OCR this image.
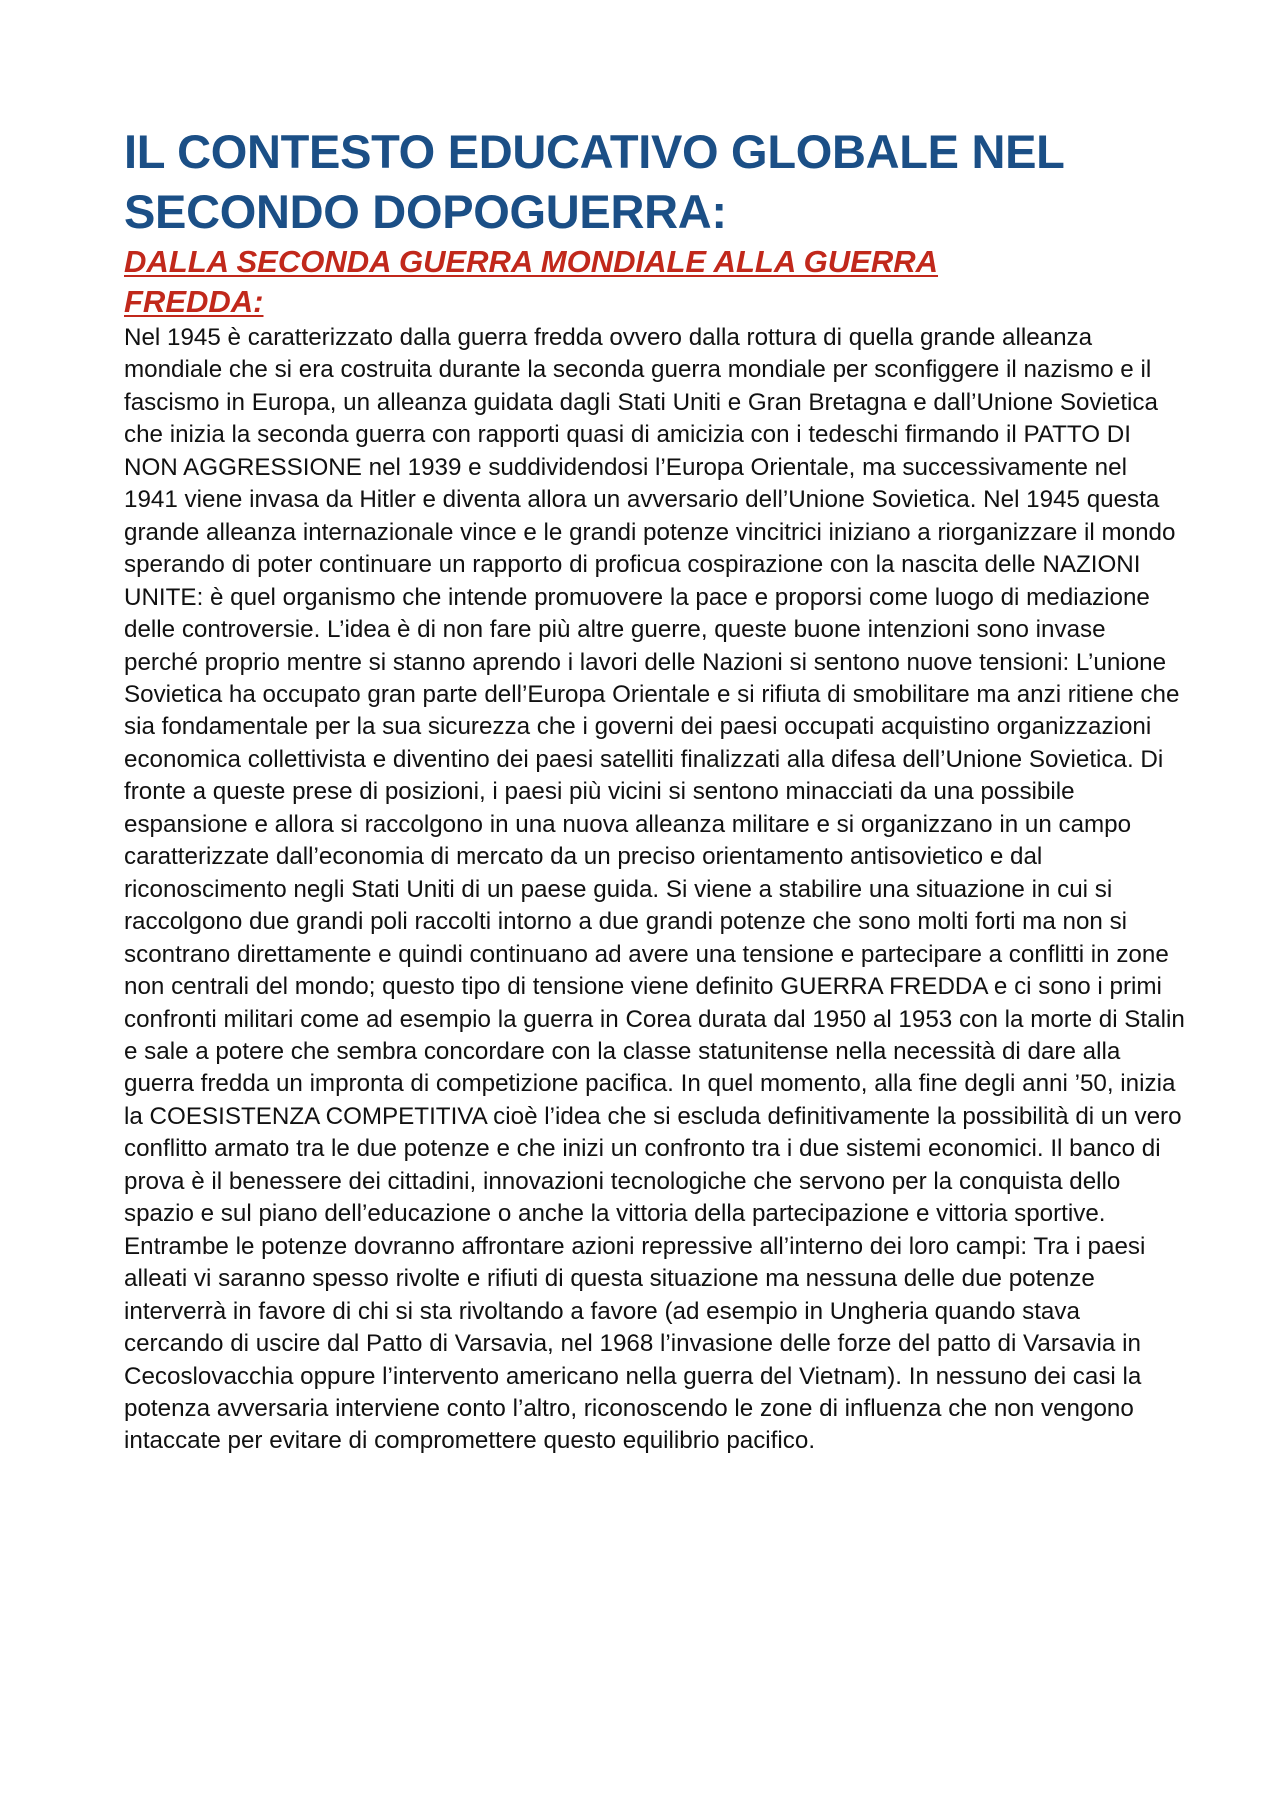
IL CONTESTO EDUCATIVO GLOBALE NEL SECONDO DOPOGUERRA:
DALLA SECONDA GUERRA MONDIALE ALLA GUERRA FREDDA:

Nel 1945 è caratterizzato dalla guerra fredda ovvero dalla rottura di quella grande alleanza mondiale che si era costruita durante la seconda guerra mondiale per sconfiggere il nazismo e il fascismo in Europa, un alleanza guidata dagli Stati Uniti e Gran Bretagna e dall’Unione Sovietica che inizia la seconda guerra con rapporti quasi di amicizia con i tedeschi firmando il PATTO DI NON AGGRESSIONE nel 1939 e suddividendosi l’Europa Orientale, ma successivamente nel 1941 viene invasa da Hitler e diventa allora un avversario dell’Unione Sovietica. Nel 1945 questa grande alleanza internazionale vince e le grandi potenze vincitrici iniziano a riorganizzare il mondo sperando di poter continuare un rapporto di proficua cospirazione con la nascita delle NAZIONI UNITE: è quel organismo che intende promuovere la pace e proporsi come luogo di mediazione delle controversie. L’idea è di non fare più altre guerre, queste buone intenzioni sono invase perché proprio mentre si stanno aprendo i lavori delle Nazioni si sentono nuove tensioni: L’unione Sovietica ha occupato gran parte dell’Europa Orientale e si rifiuta di smobilitare ma anzi ritiene che sia fondamentale per la sua sicurezza che i governi dei paesi occupati acquistino organizzazioni economica collettivista e diventino dei paesi satelliti finalizzati alla difesa dell’Unione Sovietica. Di fronte a queste prese di posizioni, i paesi più vicini si sentono minacciati da una possibile espansione e allora si raccolgono in una nuova alleanza militare e si organizzano in un campo caratterizzate dall’economia di mercato da un preciso orientamento antisovietico e dal riconoscimento negli Stati Uniti di un paese guida. Si viene a stabilire una situazione in cui si raccolgono due grandi poli raccolti intorno a due grandi potenze che sono molti forti ma non si scontrano direttamente e quindi continuano ad avere una tensione e partecipare a conflitti in zone non centrali del mondo; questo tipo di tensione viene definito GUERRA FREDDA e ci sono i primi confronti militari come ad esempio la guerra in Corea durata dal 1950 al 1953 con la morte di Stalin e sale a potere che sembra concordare con la classe statunitense nella necessità di dare alla guerra fredda un impronta di competizione pacifica. In quel momento, alla fine degli anni ’50, inizia la COESISTENZA COMPETITIVA cioè l’idea che si escluda definitivamente la possibilità di un vero conflitto armato tra le due potenze e che inizi un confronto tra i due sistemi economici. Il banco di prova è il benessere dei cittadini, innovazioni tecnologiche che servono per la conquista dello spazio e sul piano dell’educazione o anche la vittoria della partecipazione e vittoria sportive. Entrambe le potenze dovranno affrontare azioni repressive all’interno dei loro campi: Tra i paesi alleati vi saranno spesso rivolte e rifiuti di questa situazione ma nessuna delle due potenze interverrà in favore di chi si sta rivoltando a favore (ad esempio in Ungheria quando stava cercando di uscire dal Patto di Varsavia, nel 1968 l’invasione delle forze del patto di Varsavia in Cecoslovacchia oppure l’intervento americano nella guerra del Vietnam). In nessuno dei casi la potenza avversaria interviene conto l’altro, riconoscendo le zone di influenza che non vengono intaccate per evitare di compromettere questo equilibrio pacifico.
